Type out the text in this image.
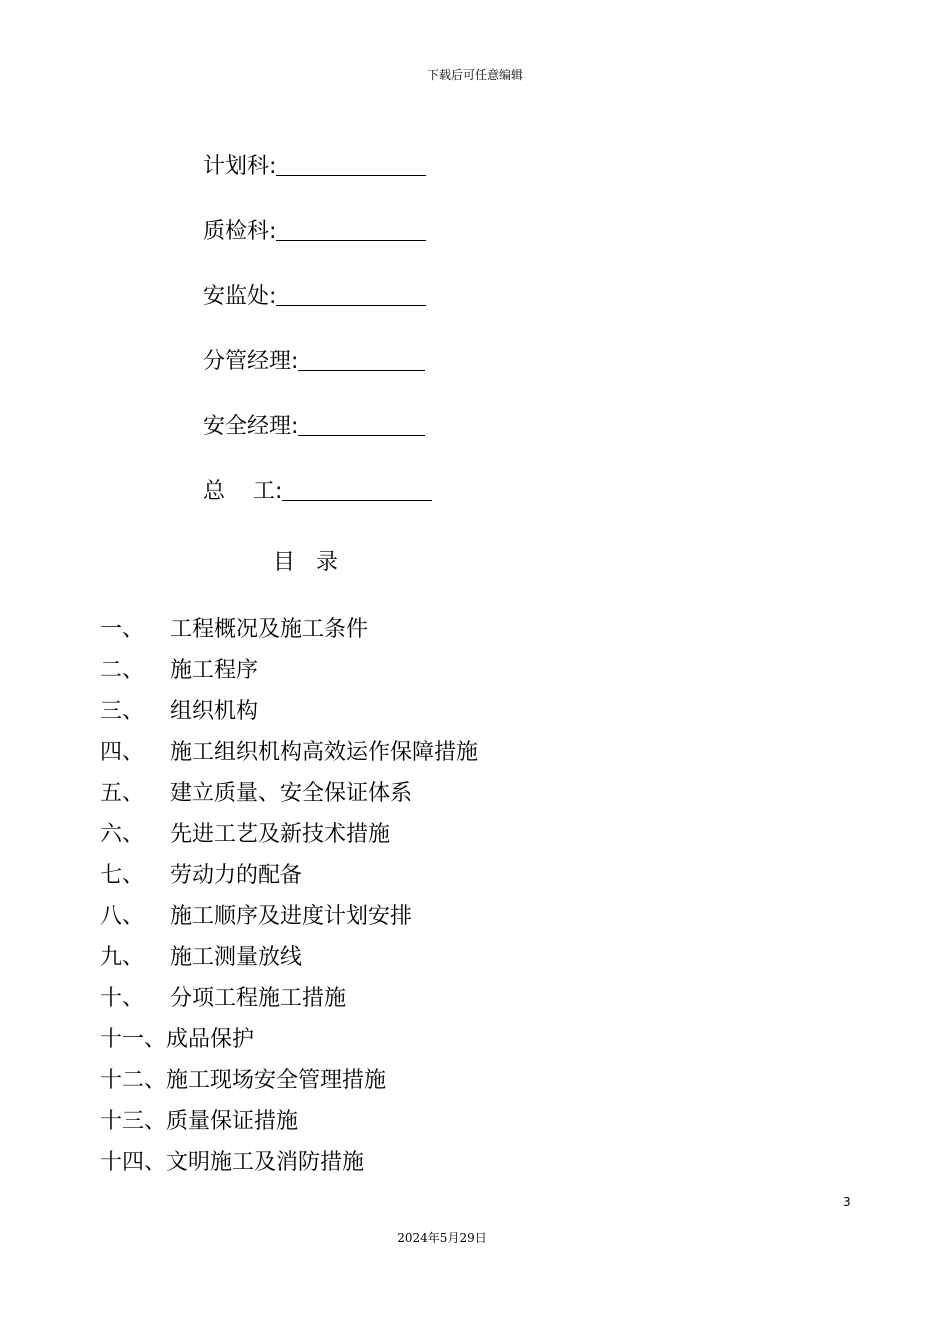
下载后可任意编辑
计划科:
质检科:
安监处:
分管经理:
安全经理:
总    工:
目   录
一、	工程概况及施工条件
二、	施工程序
三、	组织机构
四、	施工组织机构高效运作保障措施
五、	建立质量、安全保证体系
六、	先进工艺及新技术措施
七、	劳动力的配备
八、	施工顺序及进度计划安排
九、	施工测量放线
十、	分项工程施工措施
十一、 成品保护
十二、 施工现场安全管理措施
十三、 质量保证措施
十四、 文明施工及消防措施
3
2024年5月29日
